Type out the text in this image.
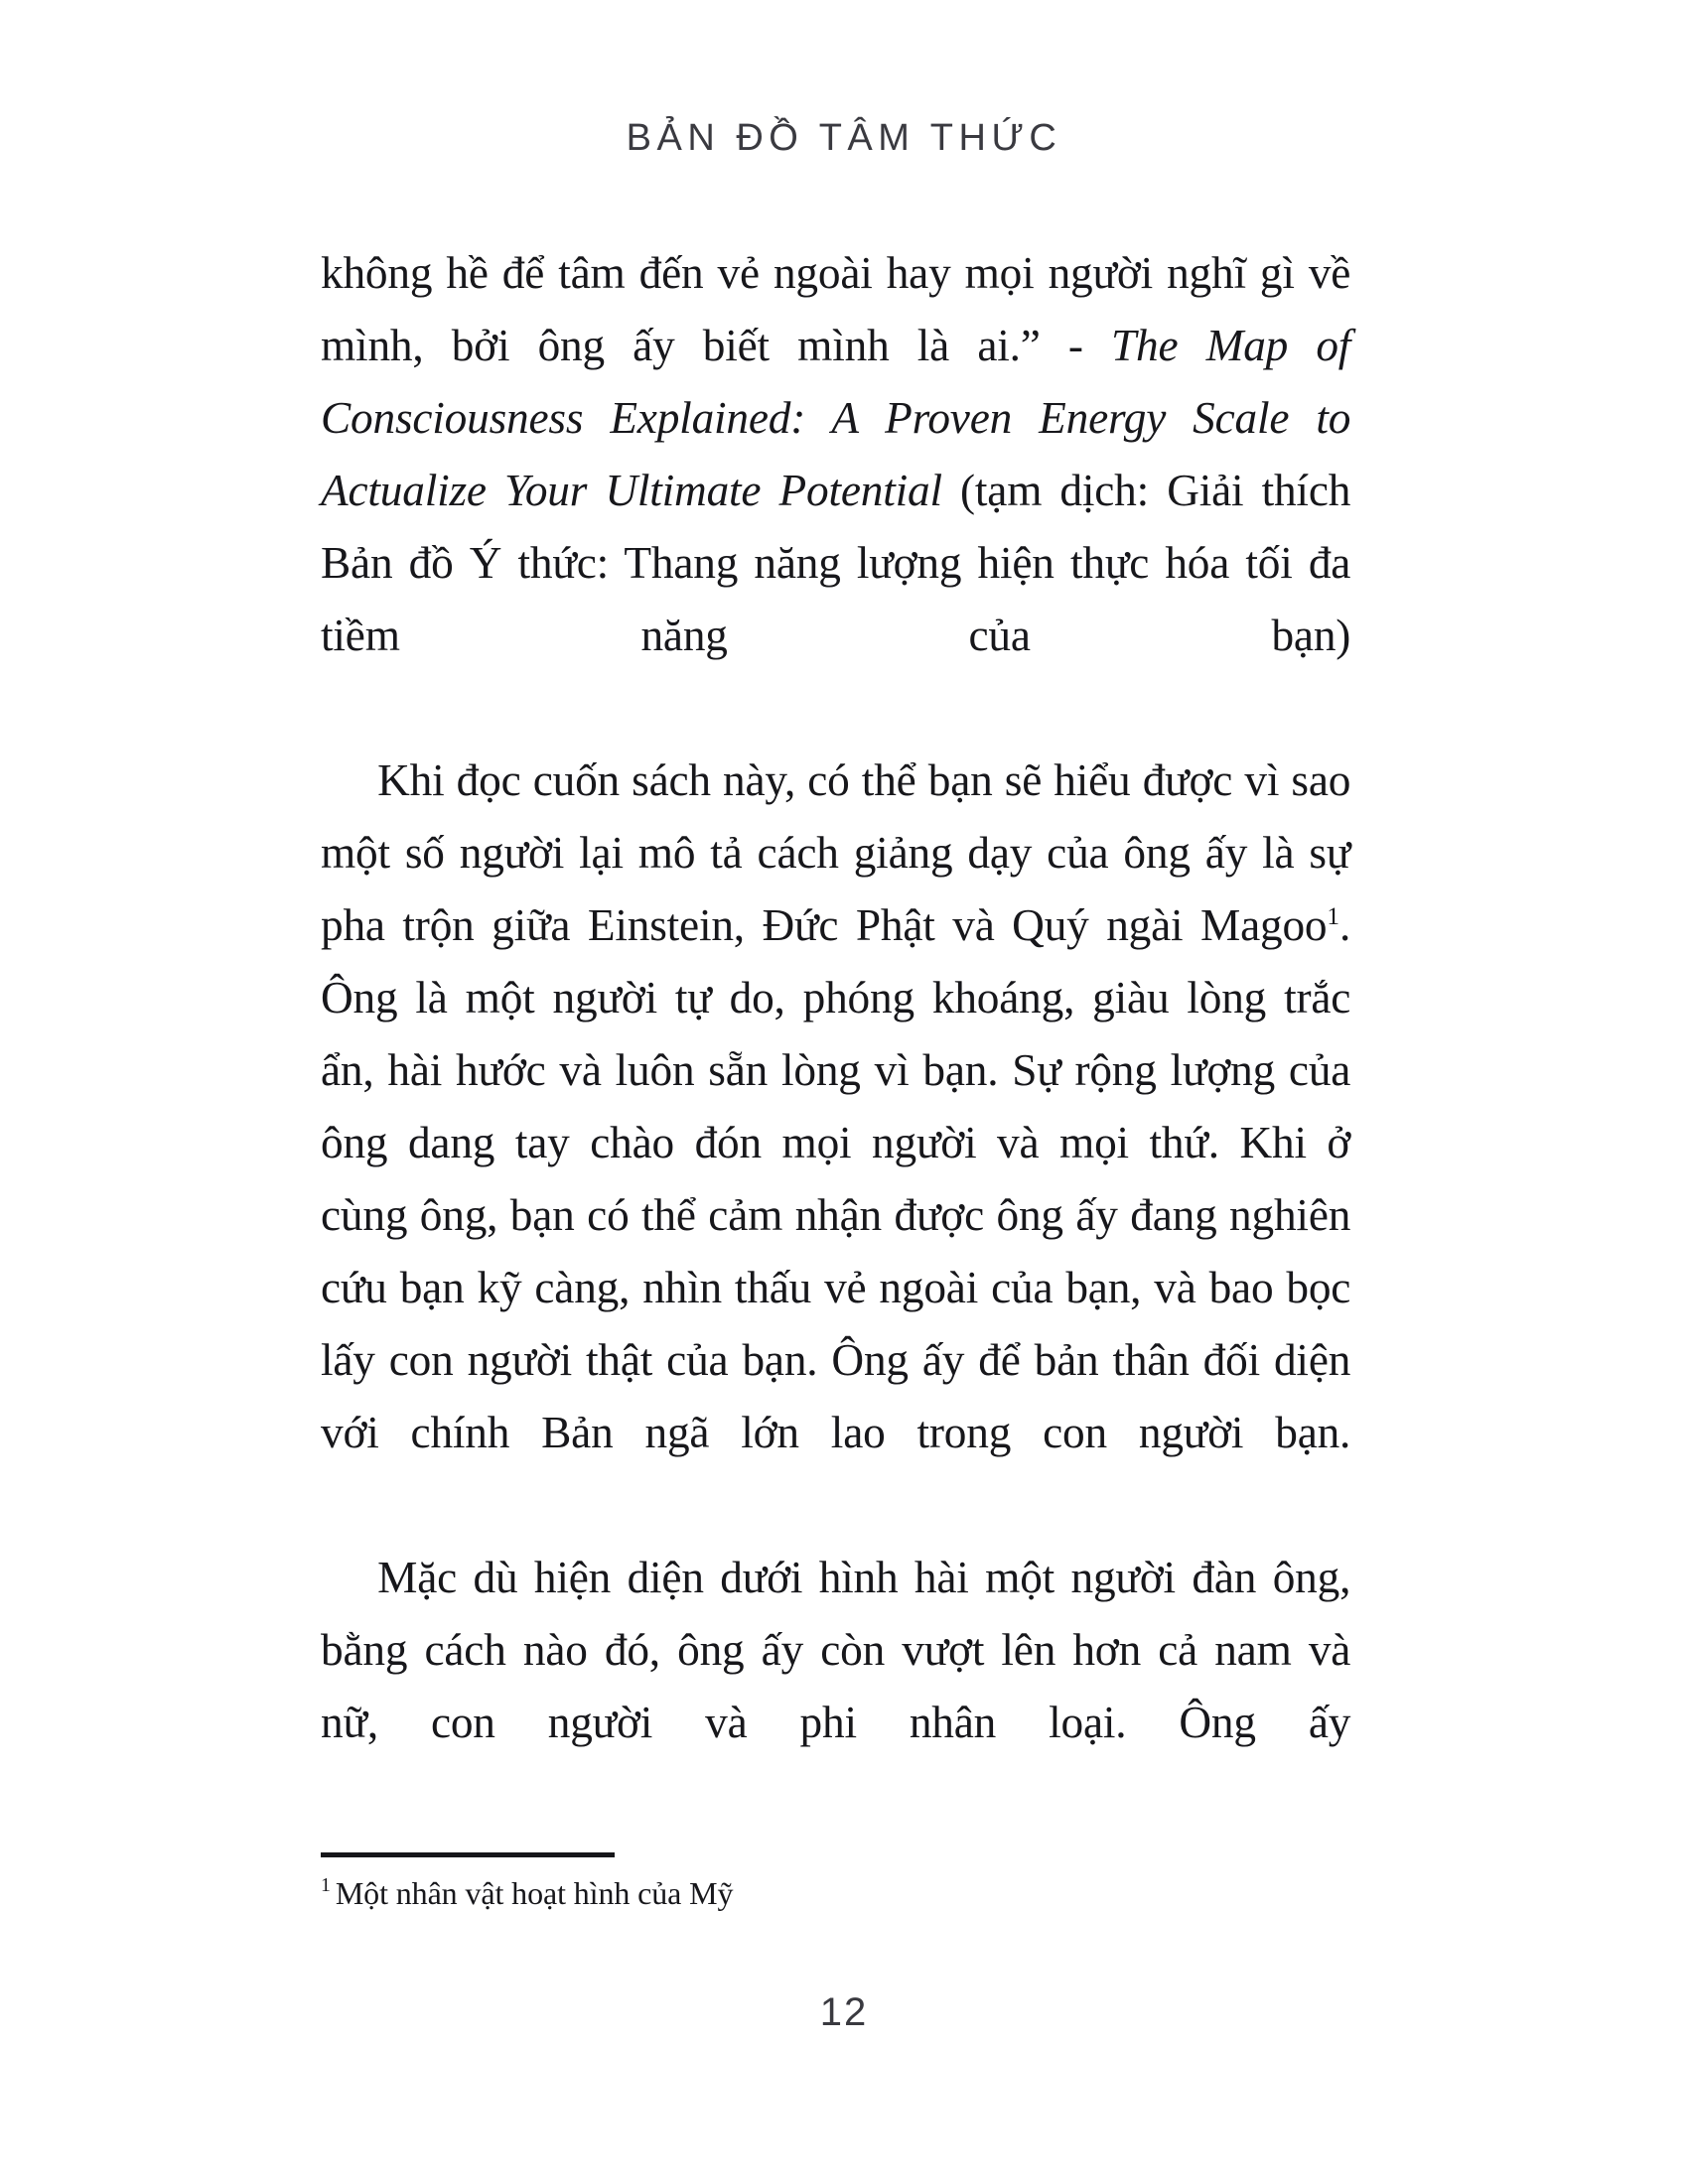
BẢN ĐỒ TÂM THỨC

không hề để tâm đến vẻ ngoài hay mọi người nghĩ gì về mình, bởi ông ấy biết mình là ai.” - The Map of Consciousness Explained: A Proven Energy Scale to Actualize Your Ultimate Potential (tạm dịch: Giải thích Bản đồ Ý thức: Thang năng lượng hiện thực hóa tối đa tiềm năng của bạn)

Khi đọc cuốn sách này, có thể bạn sẽ hiểu được vì sao một số người lại mô tả cách giảng dạy của ông ấy là sự pha trộn giữa Einstein, Đức Phật và Quý ngài Magoo$^1$. Ông là một người tự do, phóng khoáng, giàu lòng trắc ẩn, hài hước và luôn sẵn lòng vì bạn. Sự rộng lượng của ông dang tay chào đón mọi người và mọi thứ. Khi ở cùng ông, bạn có thể cảm nhận được ông ấy đang nghiên cứu bạn kỹ càng, nhìn thấu vẻ ngoài của bạn, và bao bọc lấy con người thật của bạn. Ông ấy để bản thân đối diện với chính Bản ngã lớn lao trong con người bạn.

Mặc dù hiện diện dưới hình hài một người đàn ông, bằng cách nào đó, ông ấy còn vượt lên hơn cả nam và nữ, con người và phi nhân loại. Ông ấy

$^1$ Một nhân vật hoạt hình của Mỹ

12
